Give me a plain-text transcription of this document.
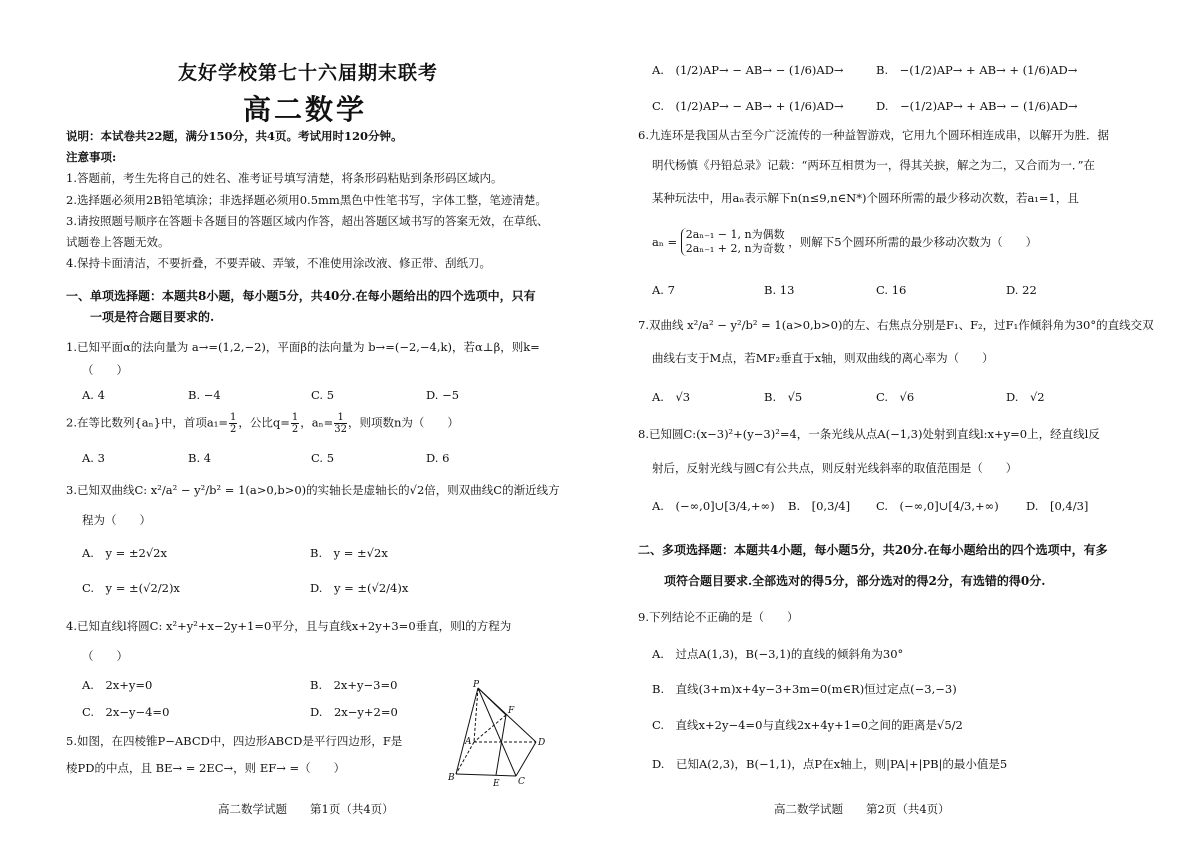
友好学校第七十六届期末联考
高二数学
说明：本试卷共22题，满分150分，共4页。考试用时120分钟。
注意事项:
1.答题前，考生先将自己的姓名、准考证号填写清楚，将条形码粘贴到条形码区域内。
2.选择题必须用2B铅笔填涂；非选择题必须用0.5mm黑色中性笔书写，字体工整，笔迹清楚。
3.请按照题号顺序在答题卡各题目的答题区域内作答，超出答题区域书写的答案无效，在草纸、
试题卷上答题无效。
4.保持卡面清洁，不要折叠，不要弄破、弄皱，不准使用涂改液、修正带、刮纸刀。
一、单项选择题：本题共8小题，每小题5分，共40分.在每小题给出的四个选项中，只有
一项是符合题目要求的.
1.已知平面α的法向量为 a→=(1,2,−2)，平面β的法向量为 b→=(−2,−4,k)，若α⊥β，则k=
（　　）
A. 4	B. −4	C. 5	D. −5
2.在等比数列{aₙ}中，首项$a_1= \frac{1}{2}$ ，公比$q= \frac{1}{2}$ ，$a_n= \frac{1}{32}$ ，则项数n为（　　）
A. 3	B. 4	C. 5	D. 6
3.已知双曲线C: x²/a² − y²/b² = 1(a>0,b>0)的实轴长是虚轴长的√2倍，则双曲线C的渐近线方
程为（　　）
A.　y = ±2√2x	B.　y = ±√2x
C.　y = ±(√2/2)x	D.　y = ±(√2/4)x
4.已知直线l将圆C: x²+y²+x−2y+1=0平分，且与直线x+2y+3=0垂直，则l的方程为
（　　）
A.　2x+y=0	B.　2x+y−3=0
C.　2x−y−4=0	D.　2x−y+2=0
5.如图，在四棱锥P−ABCD中，四边形ABCD是平行四边形，F是
棱PD的中点，且 BE→ = 2EC→，则 EF→ =（　　）
P
F
A	D
B
E C
高二数学试题　　第1页（共4页）
A.　(1/2)AP→ − AB→ − (1/6)AD→	B.　−(1/2)AP→ + AB→ + (1/6)AD→
C.　(1/2)AP→ − AB→ + (1/6)AD→	D.　−(1/2)AP→ + AB→ − (1/6)AD→
6.九连环是我国从古至今广泛流传的一种益智游戏，它用九个圆环相连成串，以解开为胜．据
明代杨慎《丹铅总录》记载：“两环互相贯为一，得其关捩，解之为二，又合而为一．”在
某种玩法中，用aₙ表示解下n(n≤9,n∈N*)个圆环所需的最少移动次数，若a₁=1，且
aₙ =
2aₙ₋₁ − 1, n为偶数
2aₙ₋₁ + 2, n为奇数 ，则解下5个圆环所需的最少移动次数为（　　）
A. 7	B. 13	C. 16	D. 22
7.双曲线 x²/a² − y²/b² = 1(a>0,b>0)的左、右焦点分别是F₁、F₂，过F₁作倾斜角为30°的直线交双
曲线右支于M点，若MF₂垂直于x轴，则双曲线的离心率为（　　）
A.　√3	B.　√5	C.　√6	D.　√2
8.已知圆C:(x−3)²+(y−3)²=4，一条光线从点A(−1,3)处射到直线l:x+y=0上，经直线l反
射后，反射光线与圆C有公共点，则反射光线斜率的取值范围是（　　）
A.　(−∞,0]∪[3/4,+∞) B.　[0,3/4] C.　(−∞,0]∪[4/3,+∞) D.　[0,4/3]
二、多项选择题：本题共4小题，每小题5分，共20分.在每小题给出的四个选项中，有多
项符合题目要求.全部选对的得5分，部分选对的得2分，有选错的得0分.
9.下列结论不正确的是（　　）
A.　过点A(1,3)，B(−3,1)的直线的倾斜角为30°
B.　直线(3+m)x+4y−3+3m=0(m∈R)恒过定点(−3,−3)
C.　直线x+2y−4=0与直线2x+4y+1=0之间的距离是√5/2
D.　已知A(2,3)，B(−1,1)，点P在x轴上，则|PA|+|PB|的最小值是5
高二数学试题　　第2页（共4页）
